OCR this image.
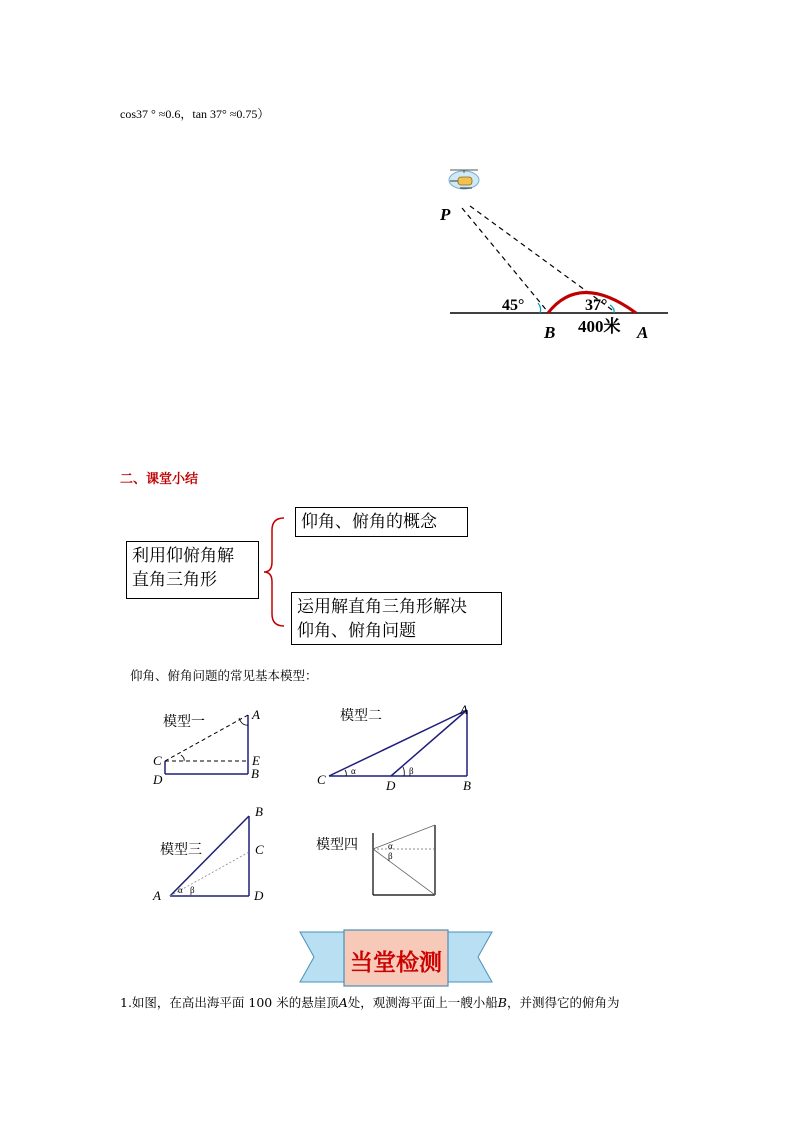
cos37 ° ≈0.6，tan 37° ≈0.75）
P
45°	37°
B 400米 A
二、课堂小结
利用仰俯角解
直角三角形
仰角、俯角的概念
运用解直角三角形解决
仰角、俯角问题
仰角、俯角问题的常见基本模型：
模型一
A
C	E
D	B
模型二
α	β
A
C	D	B
模型三
α β
B
C
A	D
模型四	α
β
当堂检测
1.如图，在高出海平面 100 米的悬崖顶A处，观测海平面上一艘小船B，并测得它的俯角为
